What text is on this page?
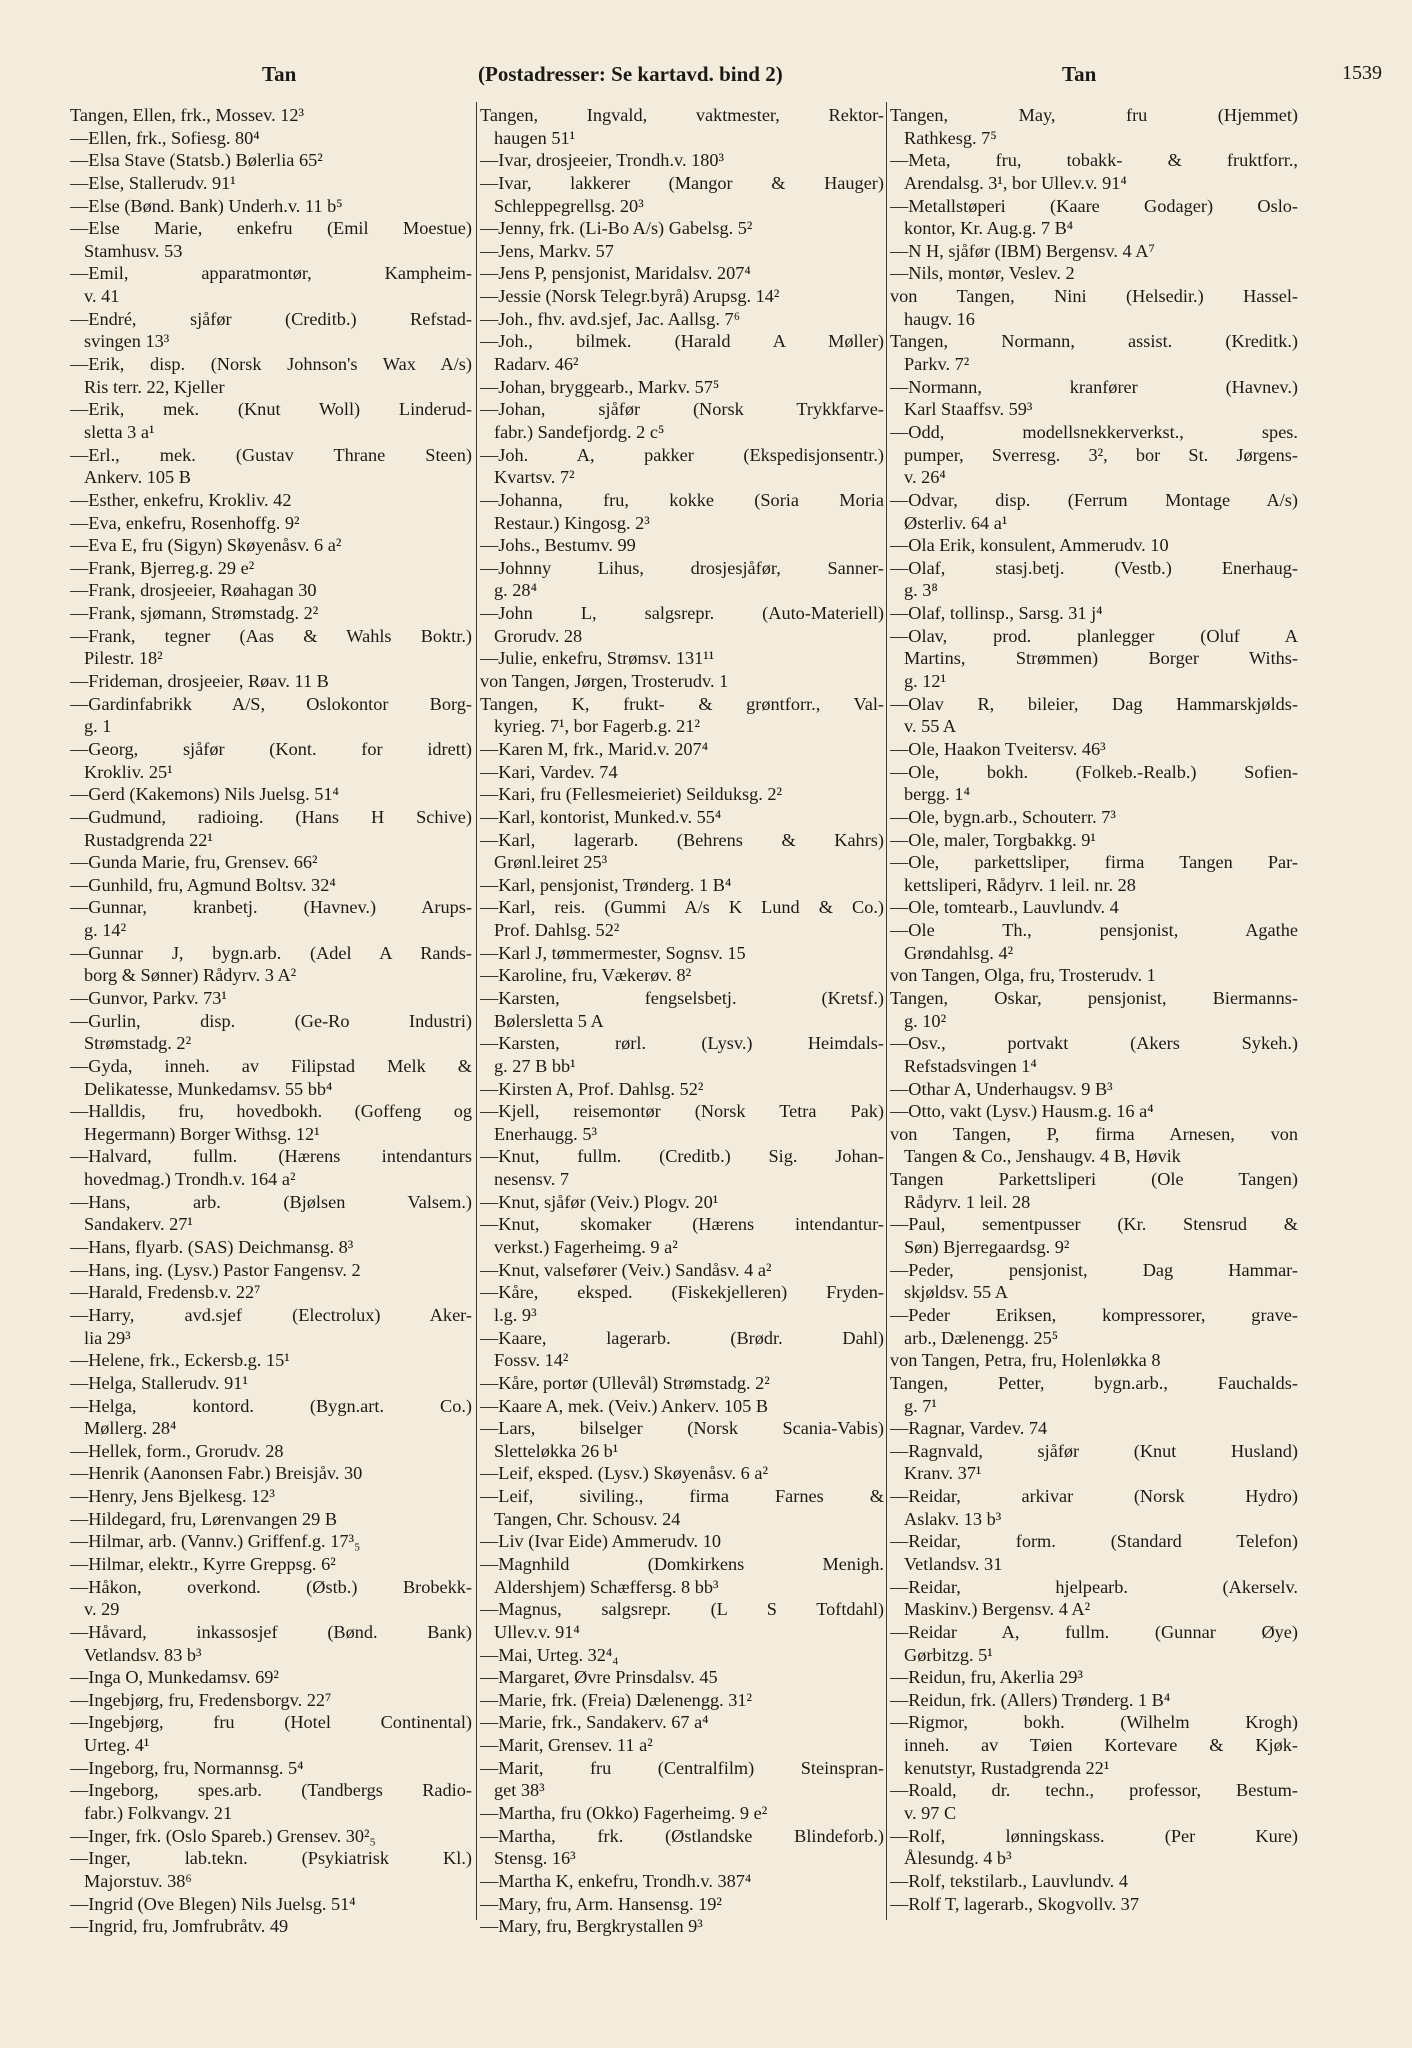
Tan	(Postadresser: Se kartavd. bind 2)	Tan	1539
Tangen, Ellen, frk., Mossev. 12³
—Ellen, frk., Sofiesg. 80⁴
—Elsa Stave (Statsb.) Bølerlia 65²
—Else, Stallerudv. 91¹
—Else (Bønd. Bank) Underh.v. 11 b⁵
—Else Marie, enkefru (Emil Moestue)
Stamhusv. 53
—Emil, apparatmontør, Kampheim-
v. 41
—Endré, sjåfør (Creditb.) Refstad-
svingen 13³
—Erik, disp. (Norsk Johnson's Wax A/s)
Ris terr. 22, Kjeller
—Erik, mek. (Knut Woll) Linderud-
sletta 3 a¹
—Erl., mek. (Gustav Thrane Steen)
Ankerv. 105 B
—Esther, enkefru, Krokliv. 42
—Eva, enkefru, Rosenhoffg. 9²
—Eva E, fru (Sigyn) Skøyenåsv. 6 a²
—Frank, Bjerreg.g. 29 e²
—Frank, drosjeeier, Røahagan 30
—Frank, sjømann, Strømstadg. 2²
—Frank, tegner (Aas & Wahls Boktr.)
Pilestr. 18²
—Frideman, drosjeeier, Røav. 11 B
—Gardinfabrikk A/S, Oslokontor Borg-
g. 1
—Georg, sjåfør (Kont. for idrett)
Krokliv. 25¹
—Gerd (Kakemons) Nils Juelsg. 51⁴
—Gudmund, radioing. (Hans H Schive)
Rustadgrenda 22¹
—Gunda Marie, fru, Grensev. 66²
—Gunhild, fru, Agmund Boltsv. 32⁴
—Gunnar, kranbetj. (Havnev.) Arups-
g. 14²
—Gunnar J, bygn.arb. (Adel A Rands-
borg & Sønner) Rådyrv. 3 A²
—Gunvor, Parkv. 73¹
—Gurlin, disp. (Ge-Ro Industri)
Strømstadg. 2²
—Gyda, inneh. av Filipstad Melk &
Delikatesse, Munkedamsv. 55 bb⁴
—Halldis, fru, hovedbokh. (Goffeng og
Hegermann) Borger Withsg. 12¹
—Halvard, fullm. (Hærens intendanturs
hovedmag.) Trondh.v. 164 a²
—Hans, arb. (Bjølsen Valsem.)
Sandakerv. 27¹
—Hans, flyarb. (SAS) Deichmansg. 8³
—Hans, ing. (Lysv.) Pastor Fangensv. 2
—Harald, Fredensb.v. 22⁷
—Harry, avd.sjef (Electrolux) Aker-
lia 29³
—Helene, frk., Eckersb.g. 15¹
—Helga, Stallerudv. 91¹
—Helga, kontord. (Bygn.art. Co.)
Møllerg. 28⁴
—Hellek, form., Grorudv. 28
—Henrik (Aanonsen Fabr.) Breisjåv. 30
—Henry, Jens Bjelkesg. 12³
—Hildegard, fru, Lørenvangen 29 B
—Hilmar, arb. (Vannv.) Griffenf.g. 17³₅
—Hilmar, elektr., Kyrre Greppsg. 6²
—Håkon, overkond. (Østb.) Brobekk-
v. 29
—Håvard, inkassosjef (Bønd. Bank)
Vetlandsv. 83 b³
—Inga O, Munkedamsv. 69²
—Ingebjørg, fru, Fredensborgv. 22⁷
—Ingebjørg, fru (Hotel Continental)
Urteg. 4¹
—Ingeborg, fru, Normannsg. 5⁴
—Ingeborg, spes.arb. (Tandbergs Radio-
fabr.) Folkvangv. 21
—Inger, frk. (Oslo Spareb.) Grensev. 30²₅
—Inger, lab.tekn. (Psykiatrisk Kl.)
Majorstuv. 38⁶
—Ingrid (Ove Blegen) Nils Juelsg. 51⁴
—Ingrid, fru, Jomfrubråtv. 49
Tangen, Ingvald, vaktmester, Rektor-
haugen 51¹
—Ivar, drosjeeier, Trondh.v. 180³
—Ivar, lakkerer (Mangor & Hauger)
Schleppegrellsg. 20³
—Jenny, frk. (Li-Bo A/s) Gabelsg. 5²
—Jens, Markv. 57
—Jens P, pensjonist, Maridalsv. 207⁴
—Jessie (Norsk Telegr.byrå) Arupsg. 14²
—Joh., fhv. avd.sjef, Jac. Aallsg. 7⁶
—Joh., bilmek. (Harald A Møller)
Radarv. 46²
—Johan, bryggearb., Markv. 57⁵
—Johan, sjåfør (Norsk Trykkfarve-
fabr.) Sandefjordg. 2 c⁵
—Joh. A, pakker (Ekspedisjonsentr.)
Kvartsv. 7²
—Johanna, fru, kokke (Soria Moria
Restaur.) Kingosg. 2³
—Johs., Bestumv. 99
—Johnny Lihus, drosjesjåfør, Sanner-
g. 28⁴
—John L, salgsrepr. (Auto-Materiell)
Grorudv. 28
—Julie, enkefru, Strømsv. 131¹¹
von Tangen, Jørgen, Trosterudv. 1
Tangen, K, frukt- & grøntforr., Val-
kyrieg. 7¹, bor Fagerb.g. 21²
—Karen M, frk., Marid.v. 207⁴
—Kari, Vardev. 74
—Kari, fru (Fellesmeieriet) Seilduksg. 2²
—Karl, kontorist, Munked.v. 55⁴
—Karl, lagerarb. (Behrens & Kahrs)
Grønl.leiret 25³
—Karl, pensjonist, Trønderg. 1 B⁴
—Karl, reis. (Gummi A/s K Lund & Co.)
Prof. Dahlsg. 52²
—Karl J, tømmermester, Sognsv. 15
—Karoline, fru, Vækerøv. 8²
—Karsten, fengselsbetj. (Kretsf.)
Bølersletta 5 A
—Karsten, rørl. (Lysv.) Heimdals-
g. 27 B bb¹
—Kirsten A, Prof. Dahlsg. 52²
—Kjell, reisemontør (Norsk Tetra Pak)
Enerhaugg. 5³
—Knut, fullm. (Creditb.) Sig. Johan-
nesensv. 7
—Knut, sjåfør (Veiv.) Plogv. 20¹
—Knut, skomaker (Hærens intendantur-
verkst.) Fagerheimg. 9 a²
—Knut, valsefører (Veiv.) Sandåsv. 4 a²
—Kåre, eksped. (Fiskekjelleren) Fryden-
l.g. 9³
—Kaare, lagerarb. (Brødr. Dahl)
Fossv. 14²
—Kåre, portør (Ullevål) Strømstadg. 2²
—Kaare A, mek. (Veiv.) Ankerv. 105 B
—Lars, bilselger (Norsk Scania-Vabis)
Sletteløkka 26 b¹
—Leif, eksped. (Lysv.) Skøyenåsv. 6 a²
—Leif, siviling., firma Farnes &
Tangen, Chr. Schousv. 24
—Liv (Ivar Eide) Ammerudv. 10
—Magnhild (Domkirkens Menigh.
Aldershjem) Schæffersg. 8 bb³
—Magnus, salgsrepr. (L S Toftdahl)
Ullev.v. 91⁴
—Mai, Urteg. 32⁴₄
—Margaret, Øvre Prinsdalsv. 45
—Marie, frk. (Freia) Dælenengg. 31²
—Marie, frk., Sandakerv. 67 a⁴
—Marit, Grensev. 11 a²
—Marit, fru (Centralfilm) Steinspran-
get 38³
—Martha, fru (Okko) Fagerheimg. 9 e²
—Martha, frk. (Østlandske Blindeforb.)
Stensg. 16³
—Martha K, enkefru, Trondh.v. 387⁴
—Mary, fru, Arm. Hansensg. 19²
—Mary, fru, Bergkrystallen 9³
Tangen, May, fru (Hjemmet)
Rathkesg. 7⁵
—Meta, fru, tobakk- & fruktforr.,
Arendalsg. 3¹, bor Ullev.v. 91⁴
—Metallstøperi (Kaare Godager) Oslo-
kontor, Kr. Aug.g. 7 B⁴
—N H, sjåfør (IBM) Bergensv. 4 A⁷
—Nils, montør, Veslev. 2
von Tangen, Nini (Helsedir.) Hassel-
haugv. 16
Tangen, Normann, assist. (Kreditk.)
Parkv. 7²
—Normann, kranfører (Havnev.)
Karl Staaffsv. 59³
—Odd, modellsnekkerverkst., spes.
pumper, Sverresg. 3², bor St. Jørgens-
v. 26⁴
—Odvar, disp. (Ferrum Montage A/s)
Østerliv. 64 a¹
—Ola Erik, konsulent, Ammerudv. 10
—Olaf, stasj.betj. (Vestb.) Enerhaug-
g. 3⁸
—Olaf, tollinsp., Sarsg. 31 j⁴
—Olav, prod. planlegger (Oluf A
Martins, Strømmen) Borger Withs-
g. 12¹
—Olav R, bileier, Dag Hammarskjølds-
v. 55 A
—Ole, Haakon Tveitersv. 46³
—Ole, bokh. (Folkeb.-Realb.) Sofien-
bergg. 1⁴
—Ole, bygn.arb., Schouterr. 7³
—Ole, maler, Torgbakkg. 9¹
—Ole, parkettsliper, firma Tangen Par-
kettsliperi, Rådyrv. 1 leil. nr. 28
—Ole, tomtearb., Lauvlundv. 4
—Ole Th., pensjonist, Agathe
Grøndahlsg. 4²
von Tangen, Olga, fru, Trosterudv. 1
Tangen, Oskar, pensjonist, Biermanns-
g. 10²
—Osv., portvakt (Akers Sykeh.)
Refstadsvingen 1⁴
—Othar A, Underhaugsv. 9 B³
—Otto, vakt (Lysv.) Hausm.g. 16 a⁴
von Tangen, P, firma Arnesen, von
Tangen & Co., Jenshaugv. 4 B, Høvik
Tangen Parkettsliperi (Ole Tangen)
Rådyrv. 1 leil. 28
—Paul, sementpusser (Kr. Stensrud &
Søn) Bjerregaardsg. 9²
—Peder, pensjonist, Dag Hammar-
skjøldsv. 55 A
—Peder Eriksen, kompressorer, grave-
arb., Dælenengg. 25⁵
von Tangen, Petra, fru, Holenløkka 8
Tangen, Petter, bygn.arb., Fauchalds-
g. 7¹
—Ragnar, Vardev. 74
—Ragnvald, sjåfør (Knut Husland)
Kranv. 37¹
—Reidar, arkivar (Norsk Hydro)
Aslakv. 13 b³
—Reidar, form. (Standard Telefon)
Vetlandsv. 31
—Reidar, hjelpearb. (Akerselv.
Maskinv.) Bergensv. 4 A²
—Reidar A, fullm. (Gunnar Øye)
Gørbitzg. 5¹
—Reidun, fru, Akerlia 29³
—Reidun, frk. (Allers) Trønderg. 1 B⁴
—Rigmor, bokh. (Wilhelm Krogh)
inneh. av Tøien Kortevare & Kjøk-
kenutstyr, Rustadgrenda 22¹
—Roald, dr. techn., professor, Bestum-
v. 97 C
—Rolf, lønningskass. (Per Kure)
Ålesundg. 4 b³
—Rolf, tekstilarb., Lauvlundv. 4
—Rolf T, lagerarb., Skogvollv. 37
